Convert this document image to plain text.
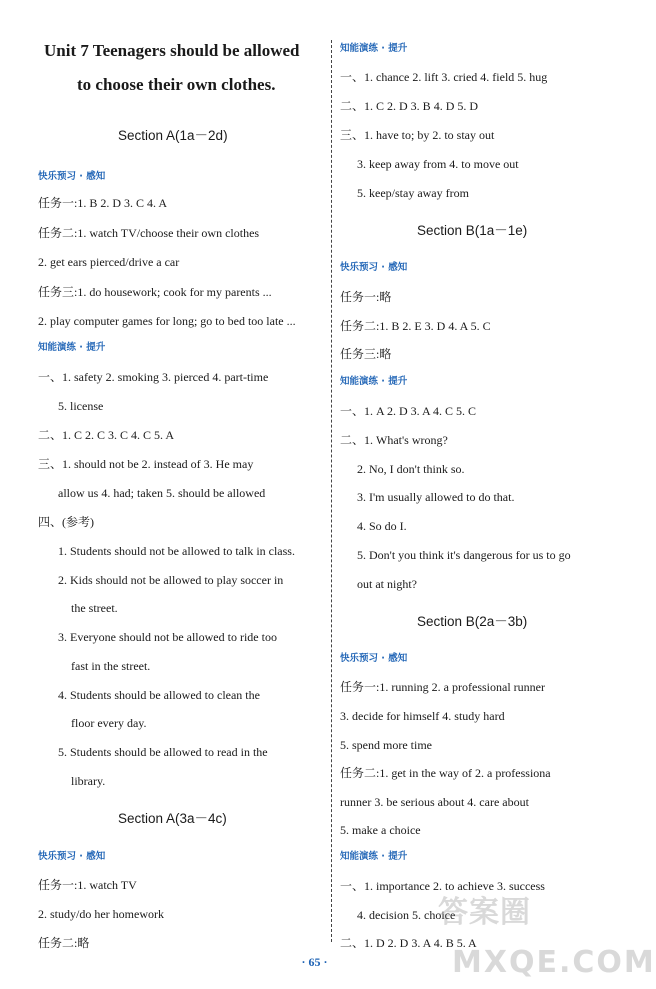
Unit 7 Teenagers should be allowed
to choose their own clothes.
Section A(1a－2d)
快乐预习 · 感知
任务一:1. B 2. D 3. C 4. A
任务二:1. watch TV/choose their own clothes
2. get ears pierced/drive a car
任务三:1. do housework; cook for my parents ...
2. play computer games for long; go to bed too late ...
知能演练 · 提升
一、1. safety 2. smoking 3. pierced 4. part-time
5. license
二、1. C 2. C 3. C 4. C 5. A
三、1. should not be 2. instead of 3. He may
allow us 4. had; taken 5. should be allowed
四、(参考)
1. Students should not be allowed to talk in class.
2. Kids should not be allowed to play soccer in
the street.
3. Everyone should not be allowed to ride too
fast in the street.
4. Students should be allowed to clean the
floor every day.
5. Students should be allowed to read in the
library.
Section A(3a－4c)
快乐预习 · 感知
任务一:1. watch TV
2. study/do her homework
任务二:略
知能演练 · 提升
一、1. chance 2. lift 3. cried 4. field 5. hug
二、1. C 2. D 3. B 4. D 5. D
三、1. have to; by 2. to stay out
3. keep away from 4. to move out
5. keep/stay away from
Section B(1a－1e)
快乐预习 · 感知
任务一:略
任务二:1. B 2. E 3. D 4. A 5. C
任务三:略
知能演练 · 提升
一、1. A 2. D 3. A 4. C 5. C
二、1. What's wrong?
2. No, I don't think so.
3. I'm usually allowed to do that.
4. So do I.
5. Don't you think it's dangerous for us to go
out at night?
Section B(2a－3b)
快乐预习 · 感知
任务一:1. running 2. a professional runner
3. decide for himself 4. study hard
5. spend more time
任务二:1. get in the way of 2. a professiona
runner 3. be serious about 4. care about
5. make a choice
知能演练 · 提升
一、1. importance 2. to achieve 3. success
4. decision 5. choice
二、1. D 2. D 3. A 4. B 5. A
· 65 ·
答案圈
MXQE.COM
